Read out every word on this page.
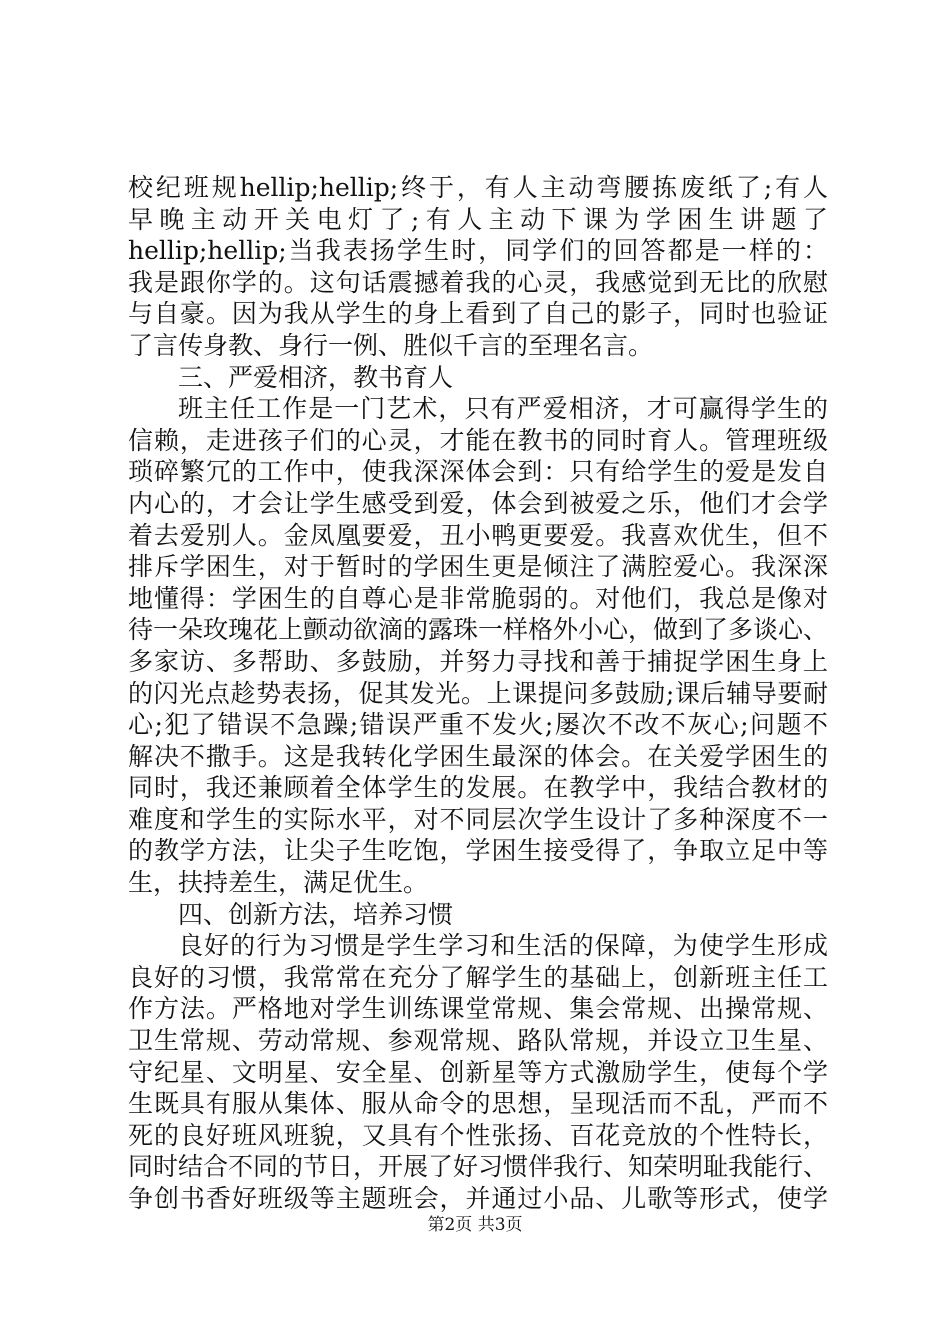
校纪班规hellip;hellip;终于，有人主动弯腰拣废纸了;有人
早晚主动开关电灯了;有人主动下课为学困生讲题了
hellip;hellip;当我表扬学生时，同学们的回答都是一样的：
我是跟你学的。这句话震撼着我的心灵，我感觉到无比的欣慰
与自豪。因为我从学生的身上看到了自己的影子，同时也验证
了言传身教、身行一例、胜似千言的至理名言。
三、严爱相济，教书育人
班主任工作是一门艺术，只有严爱相济，才可赢得学生的
信赖，走进孩子们的心灵，才能在教书的同时育人。管理班级
琐碎繁冗的工作中，使我深深体会到：只有给学生的爱是发自
内心的，才会让学生感受到爱，体会到被爱之乐，他们才会学
着去爱别人。金凤凰要爱，丑小鸭更要爱。我喜欢优生，但不
排斥学困生，对于暂时的学困生更是倾注了满腔爱心。我深深
地懂得：学困生的自尊心是非常脆弱的。对他们，我总是像对
待一朵玫瑰花上颤动欲滴的露珠一样格外小心，做到了多谈心、
多家访、多帮助、多鼓励，并努力寻找和善于捕捉学困生身上
的闪光点趁势表扬，促其发光。上课提问多鼓励;课后辅导要耐
心;犯了错误不急躁;错误严重不发火;屡次不改不灰心;问题不
解决不撒手。这是我转化学困生最深的体会。在关爱学困生的
同时，我还兼顾着全体学生的发展。在教学中，我结合教材的
难度和学生的实际水平，对不同层次学生设计了多种深度不一
的教学方法，让尖子生吃饱，学困生接受得了，争取立足中等
生，扶持差生，满足优生。
四、创新方法，培养习惯
良好的行为习惯是学生学习和生活的保障，为使学生形成
良好的习惯，我常常在充分了解学生的基础上，创新班主任工
作方法。严格地对学生训练课堂常规、集会常规、出操常规、
卫生常规、劳动常规、参观常规、路队常规，并设立卫生星、
守纪星、文明星、安全星、创新星等方式激励学生，使每个学
生既具有服从集体、服从命令的思想，呈现活而不乱，严而不
死的良好班风班貌，又具有个性张扬、百花竞放的个性特长，
同时结合不同的节日，开展了好习惯伴我行、知荣明耻我能行、
争创书香好班级等主题班会，并通过小品、儿歌等形式，使学
第2页 共3页
